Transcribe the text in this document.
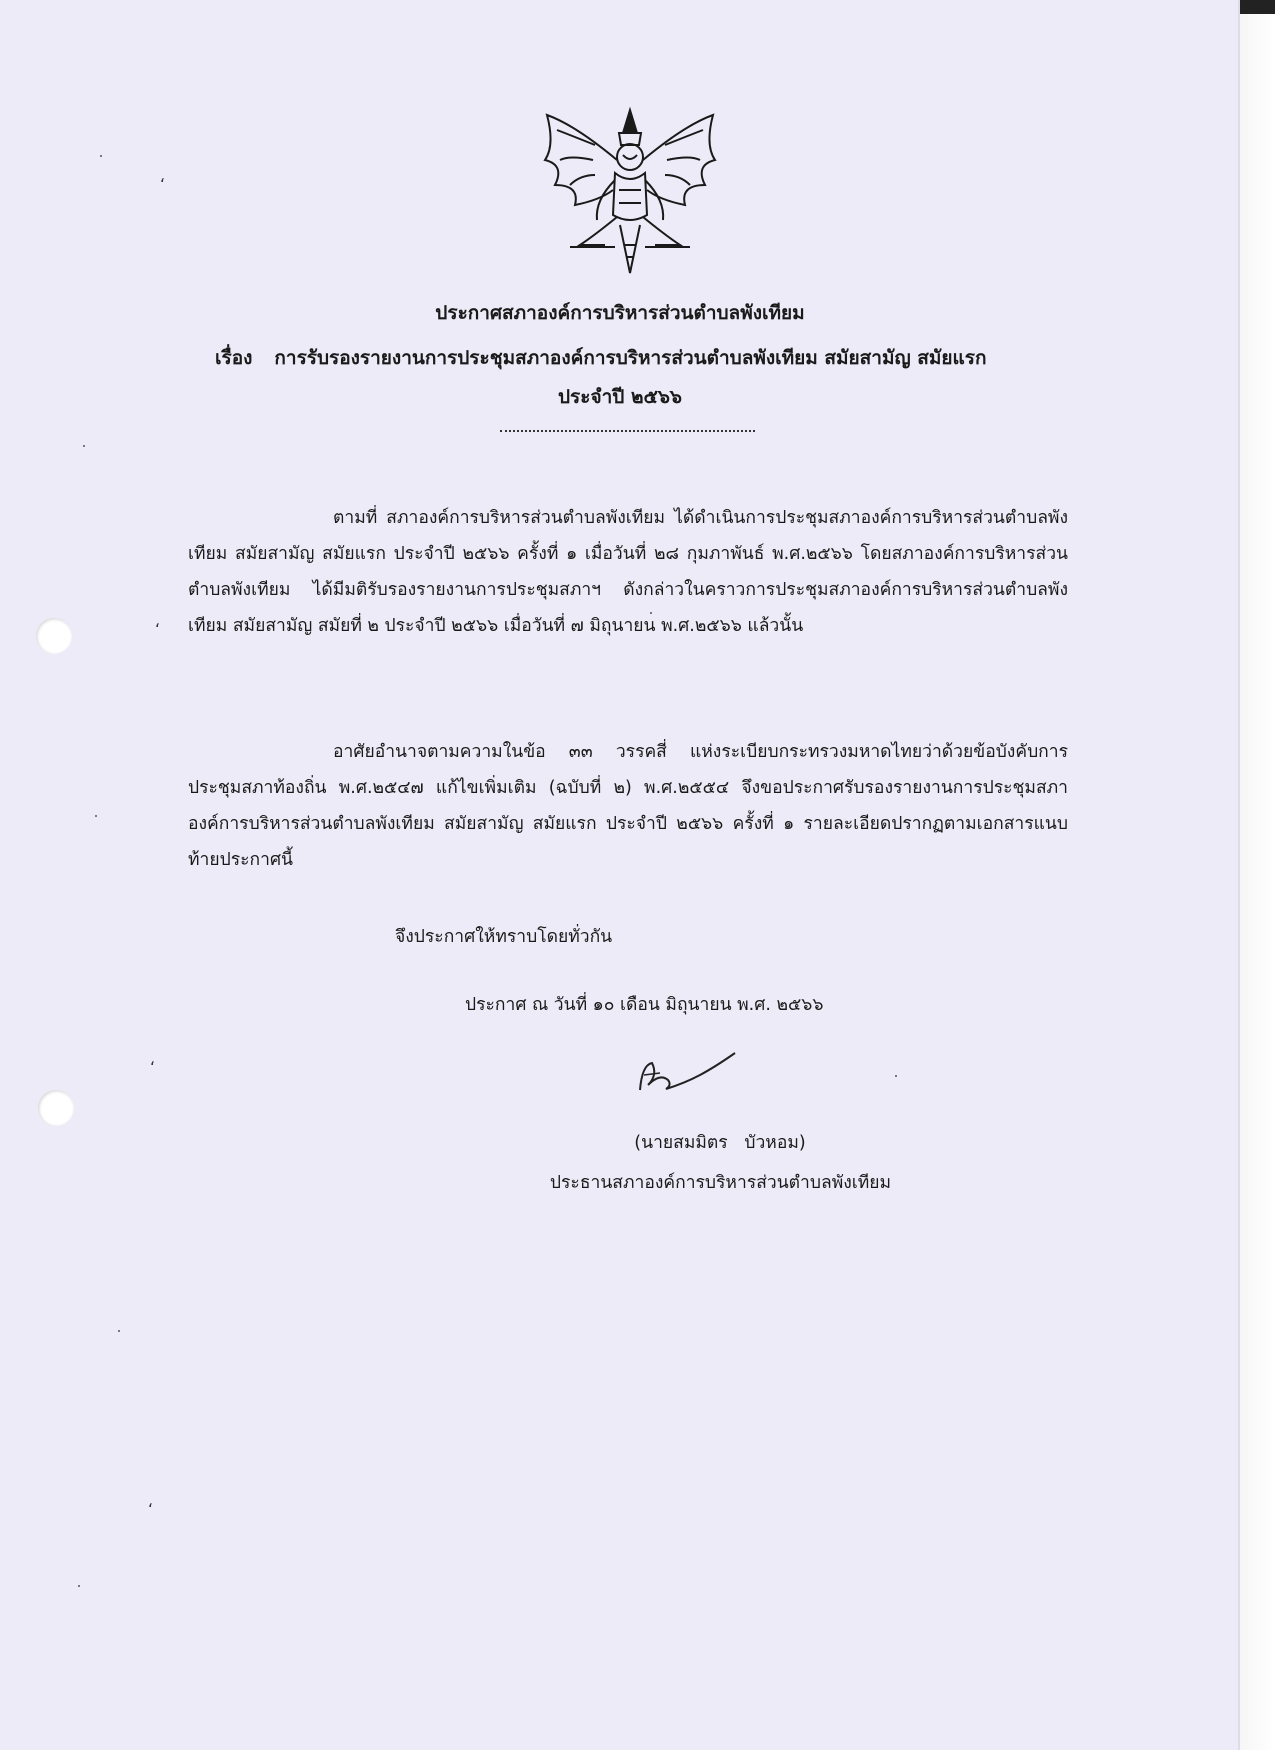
ประกาศสภาองค์การบริหารส่วนตำบลพังเทียม
เรื่อง การรับรองรายงานการประชุมสภาองค์การบริหารส่วนตำบลพังเทียม สมัยสามัญ สมัยแรก
ประจำปี ๒๕๖๖
ตามที่ สภาองค์การบริหารส่วนตำบลพังเทียม ได้ดำเนินการประชุมสภาองค์การบริหารส่วนตำบลพังเทียม สมัยสามัญ สมัยแรก ประจำปี ๒๕๖๖ ครั้งที่ ๑ เมื่อวันที่ ๒๘ กุมภาพันธ์ พ.ศ.๒๕๖๖ โดยสภาองค์การบริหารส่วนตำบลพังเทียม ได้มีมติรับรองรายงานการประชุมสภาฯ ดังกล่าวในคราวการประชุมสภาองค์การบริหารส่วนตำบลพังเทียม สมัยสามัญ สมัยที่ ๒ ประจำปี ๒๕๖๖ เมื่อวันที่ ๗ มิถุนายน พ.ศ.๒๕๖๖ แล้วนั้น
อาศัยอำนาจตามความในข้อ ๓๓ วรรคสี่ แห่งระเบียบกระทรวงมหาดไทยว่าด้วยข้อบังคับการประชุมสภาท้องถิ่น พ.ศ.๒๕๔๗ แก้ไขเพิ่มเติม (ฉบับที่ ๒) พ.ศ.๒๕๕๔ จึงขอประกาศรับรองรายงานการประชุมสภาองค์การบริหารส่วนตำบลพังเทียม สมัยสามัญ สมัยแรก ประจำปี ๒๕๖๖ ครั้งที่ ๑ รายละเอียดปรากฏตามเอกสารแนบท้ายประกาศนี้
จึงประกาศให้ทราบโดยทั่วกัน
ประกาศ ณ วันที่ ๑๐ เดือน มิถุนายน พ.ศ. ๒๕๖๖
(นายสมมิตร   บัวหอม)
ประธานสภาองค์การบริหารส่วนตำบลพังเทียม
ʻ
ʻ
ʻ
ʻ
